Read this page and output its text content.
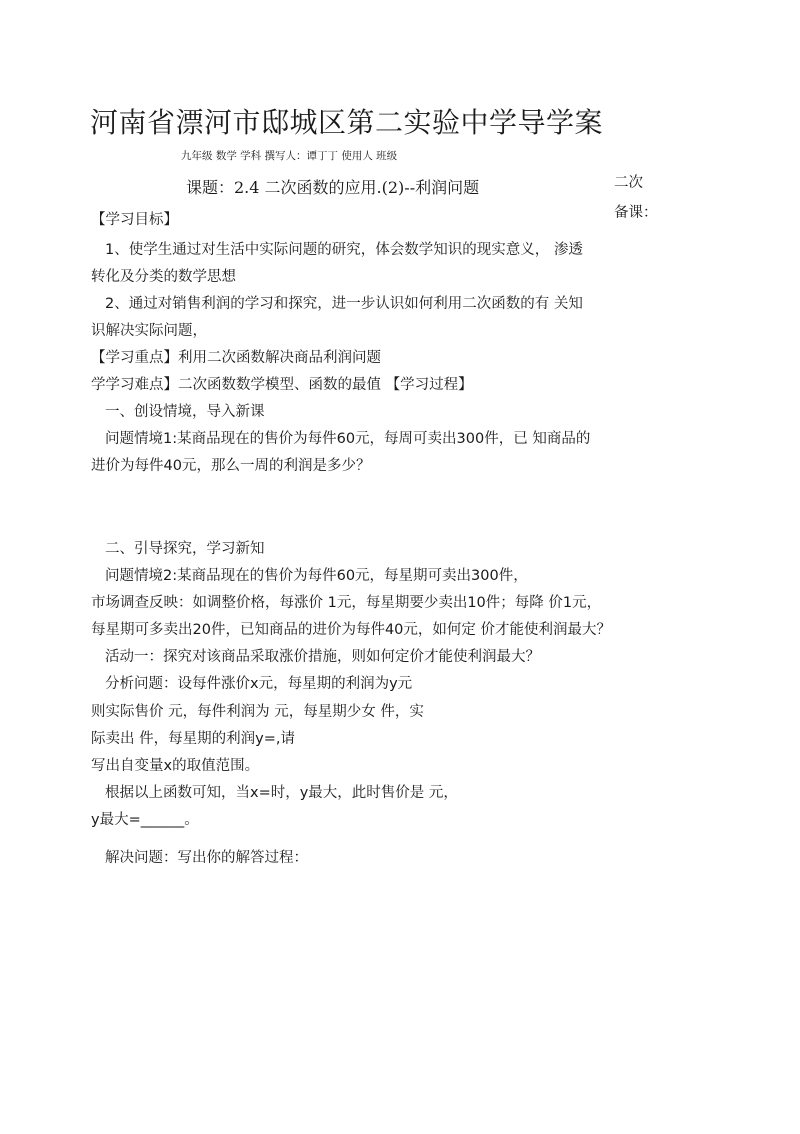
河南省漂河市邸城区第二实验中学导学案
九年级 数学 学科 撰写人：谭丁丁 使用人 班级
课题：2.4 二次函数的应用.(2)--利润问题	二次
备课：
【学习目标】
1、使学生通过对生活中实际问题的研究，体会数学知识的现实意义， 渗透
转化及分类的数学思想
2、通过对销售利润的学习和探究，进一步认识如何利用二次函数的有 关知
识解决实际问题，
【学习重点】利用二次函数解决商品利润问题
学学习难点】二次函数数学模型、函数的最值 【学习过程】
一、创设情境，导入新课
问题情境1:某商品现在的售价为每件60元，每周可卖出300件，已 知商品的
进价为每件40元，那么一周的利润是多少？
二、引导探究，学习新知
问题情境2:某商品现在的售价为每件60元，每星期可卖出300件，
市场调查反映：如调整价格，每涨价 1元，每星期要少卖出10件；每降 价1元，
每星期可多卖出20件，已知商品的进价为每件40元，如何定 价才能使利润最大？
活动一：探究对该商品采取涨价措施，则如何定价才能使利润最大？
分析问题：设每件涨价x元，每星期的利润为y元
则实际售价 元，每件利润为 元，每星期少女 件，实
际卖出 件，每星期的利润y=,请
写出自变量x的取值范围。
根据以上函数可知，当x=时，y最大，此时售价是 元，
y最大=______。
解决问题：写出你的解答过程：
